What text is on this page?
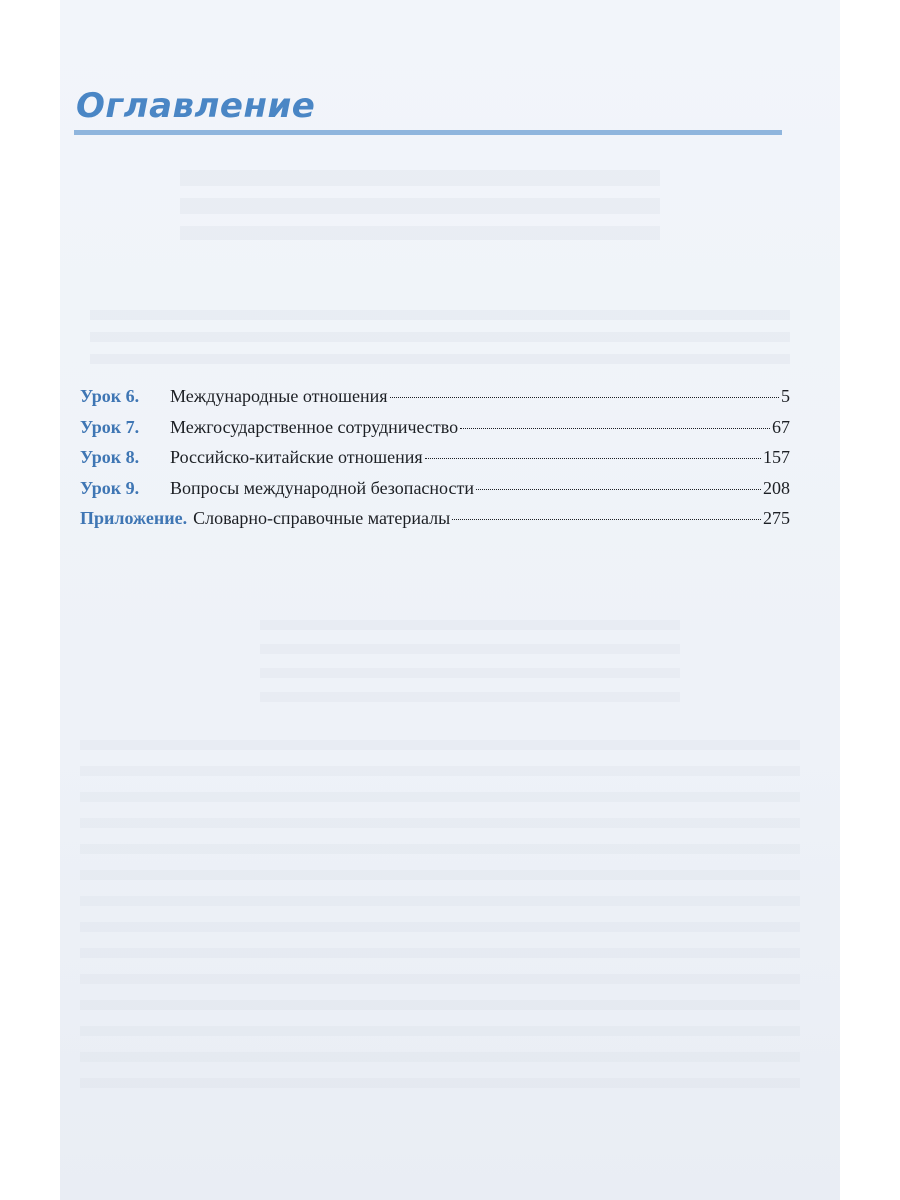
Оглавление
Урок 6.	Международные отношения	5
Урок 7.	Межгосударственное сотрудничество	67
Урок 8.	Российско-китайские отношения	157
Урок 9.	Вопросы международной безопасности	208
Приложение. Словарно-справочные материалы	275
